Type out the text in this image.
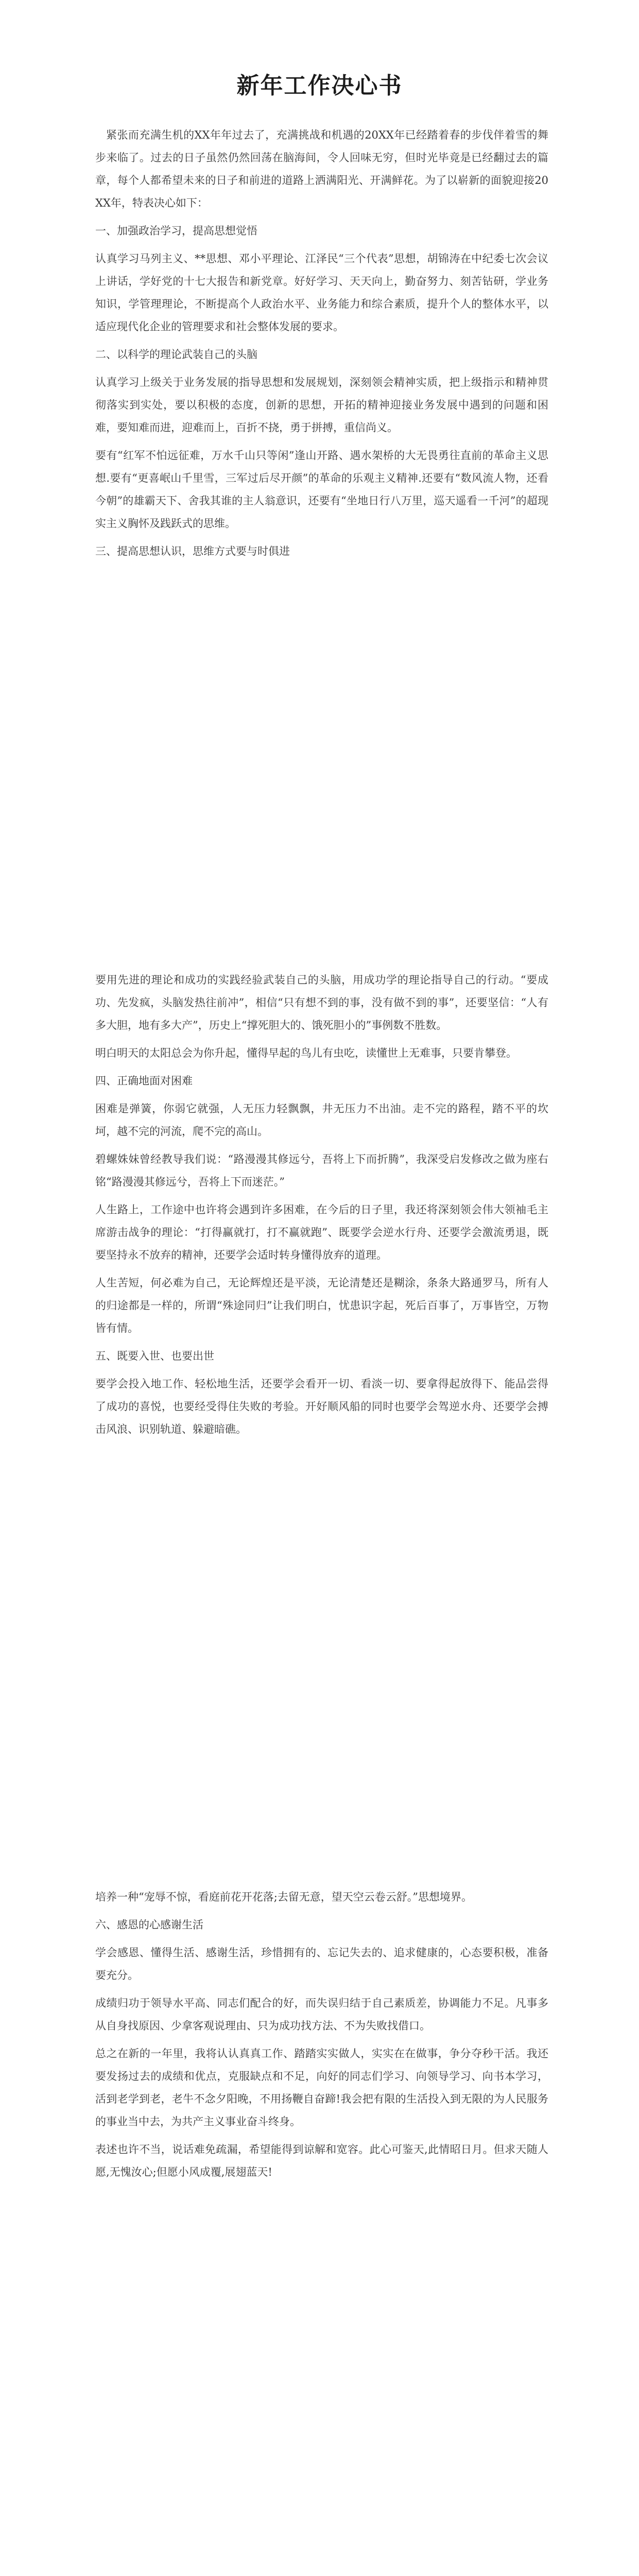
新年工作决心书

紧张而充满生机的XX年年过去了，充满挑战和机遇的20XX年已经踏着春的步伐伴着雪的舞步来临了。过去的日子虽然仍然回荡在脑海间，令人回味无穷，但时光毕竟是已经翻过去的篇章，每个人都希望未来的日子和前进的道路上洒满阳光、开满鲜花。为了以崭新的面貌迎接20XX年，特表决心如下：

一、加强政治学习，提高思想觉悟

认真学习马列主义、**思想、邓小平理论、江泽民“三个代表”思想，胡锦涛在中纪委七次会议上讲话，学好党的十七大报告和新党章。好好学习、天天向上，勤奋努力、刻苦钻研，学业务知识，学管理理论，不断提高个人政治水平、业务能力和综合素质，提升个人的整体水平，以适应现代化企业的管理要求和社会整体发展的要求。

二、以科学的理论武装自己的头脑

认真学习上级关于业务发展的指导思想和发展规划，深刻领会精神实质，把上级指示和精神贯彻落实到实处，要以积极的态度，创新的思想，开拓的精神迎接业务发展中遇到的问题和困难，要知难而进，迎难而上，百折不挠，勇于拼搏，重信尚义。

要有“红军不怕远征难，万水千山只等闲”逢山开路、遇水架桥的大无畏勇往直前的革命主义思想.要有“更喜岷山千里雪，三军过后尽开颜”的革命的乐观主义精神.还要有“数风流人物，还看今朝”的雄霸天下、舍我其谁的主人翁意识，还要有“坐地日行八万里，巡天遥看一千河”的超现实主义胸怀及践跃式的思维。

三、提高思想认识，思维方式要与时俱进

要用先进的理论和成功的实践经验武装自己的头脑，用成功学的理论指导自己的行动。“要成功、先发疯，头脑发热往前冲”，相信“只有想不到的事，没有做不到的事”，还要坚信：“人有多大胆，地有多大产”，历史上“撑死胆大的、饿死胆小的”事例数不胜数。

明白明天的太阳总会为你升起，懂得早起的鸟儿有虫吃，读懂世上无难事，只要肯攀登。

四、正确地面对困难

困难是弹簧，你弱它就强，人无压力轻飘飘，井无压力不出油。走不完的路程，踏不平的坎坷，越不完的河流，爬不完的高山。

碧螺姝妹曾经教导我们说：“路漫漫其修远兮，吾将上下而折腾”，我深受启发修改之做为座右铭“路漫漫其修远兮，吾将上下而迷茫。”

人生路上，工作途中也许将会遇到许多困难，在今后的日子里，我还将深刻领会伟大领袖毛主席游击战争的理论：“打得赢就打，打不赢就跑”、既要学会逆水行舟、还要学会激流勇退，既要坚持永不放弃的精神，还要学会适时转身懂得放弃的道理。

人生苦短，何必难为自己，无论辉煌还是平淡，无论清楚还是糊涂，条条大路通罗马，所有人的归途都是一样的，所谓“殊途同归”让我们明白，忧患识字起，死后百事了，万事皆空，万物皆有情。

五、既要入世、也要出世

要学会投入地工作、轻松地生活，还要学会看开一切、看淡一切、要拿得起放得下、能品尝得了成功的喜悦，也要经受得住失败的考验。开好顺风船的同时也要学会驾逆水舟、还要学会搏击风浪、识别轨道、躲避暗礁。

培养一种“宠辱不惊，看庭前花开花落;去留无意，望天空云卷云舒。”思想境界。

六、感恩的心感谢生活

学会感恩、懂得生活、感谢生活，珍惜拥有的、忘记失去的、追求健康的，心态要积极，准备要充分。

成绩归功于领导水平高、同志们配合的好，而失误归结于自己素质差，协调能力不足。凡事多从自身找原因、少拿客观说理由、只为成功找方法、不为失败找借口。

总之在新的一年里，我将认认真真工作、踏踏实实做人，实实在在做事，争分夺秒干活。我还要发扬过去的成绩和优点，克服缺点和不足，向好的同志们学习、向领导学习、向书本学习，活到老学到老，老牛不念夕阳晚，不用扬鞭自奋蹄!我会把有限的生活投入到无限的为人民服务的事业当中去，为共产主义事业奋斗终身。

表述也许不当，说话难免疏漏，希望能得到谅解和宽容。此心可鉴天,此情昭日月。但求天随人愿,无愧汝心;但愿小风成覆,展翅蓝天!
